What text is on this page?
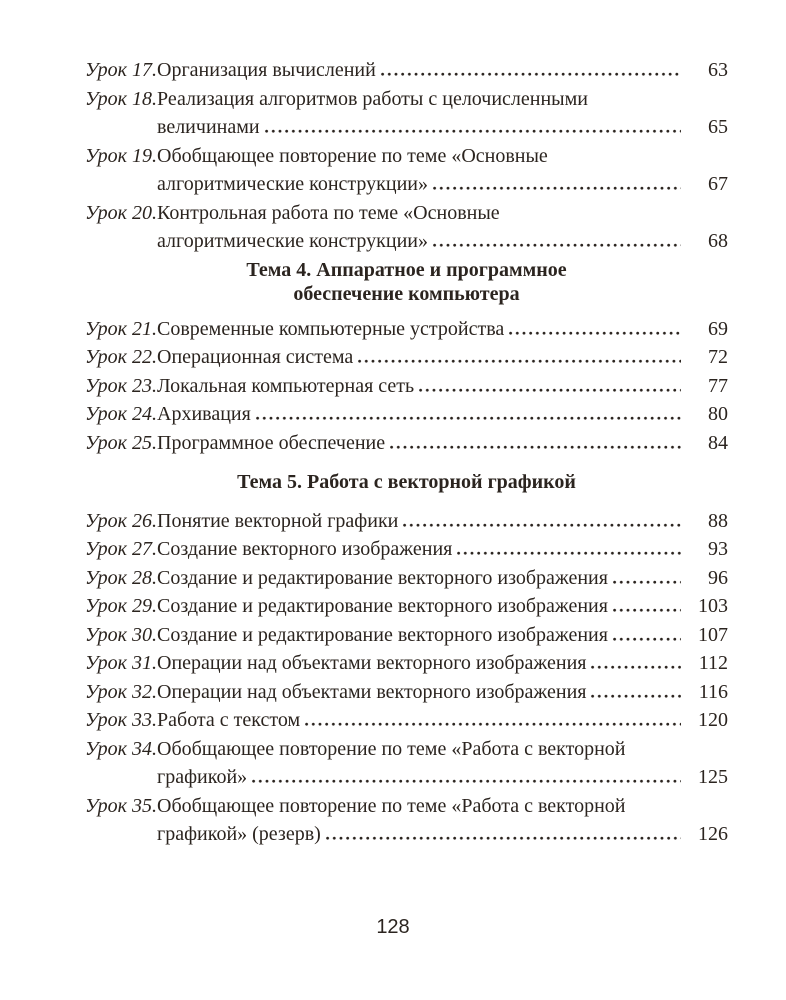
Урок 17. Организация вычислений	63
Урок 18. Реализация алгоритмов работы с целочисленными
величинами	65
Урок 19. Обобщающее повторение по теме «Основные
алгоритмические конструкции»	67
Урок 20. Контрольная работа по теме «Основные
алгоритмические конструкции»	68
Тема 4. Аппаратное и программное
обеспечение компьютера
Урок 21. Современные компьютерные устройства	69
Урок 22. Операционная система	72
Урок 23. Локальная компьютерная сеть	77
Урок 24. Архивация	80
Урок 25. Программное обеспечение	84
Тема 5. Работа с векторной графикой
Урок 26. Понятие векторной графики	88
Урок 27. Создание векторного изображения	93
Урок 28. Создание и редактирование векторного изображения	96
Урок 29. Создание и редактирование векторного изображения	103
Урок 30. Создание и редактирование векторного изображения	107
Урок 31. Операции над объектами векторного изображения	112
Урок 32. Операции над объектами векторного изображения	116
Урок 33. Работа с текстом	120
Урок 34. Обобщающее повторение по теме «Работа с векторной
графикой»	125
Урок 35. Обобщающее повторение по теме «Работа с векторной
графикой» (резерв)	126
128
